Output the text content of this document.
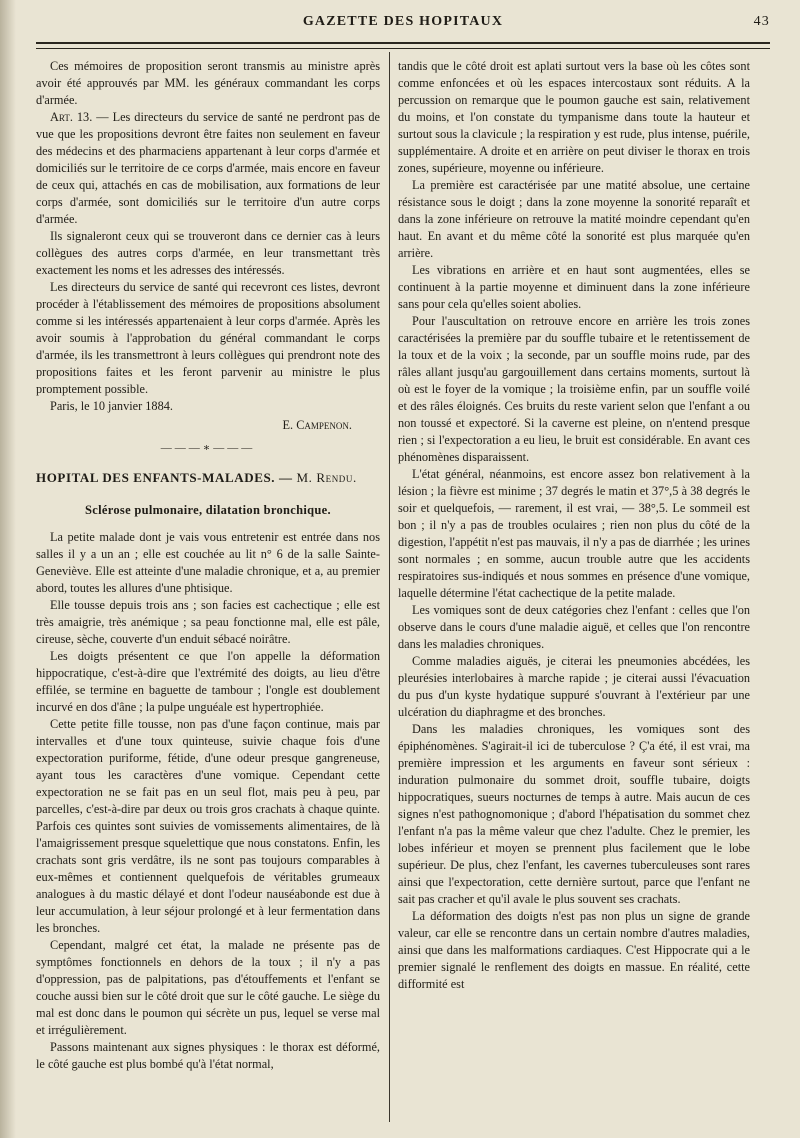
GAZETTE DES HOPITAUX	43

Ces mémoires de proposition seront transmis au ministre après avoir été approuvés par MM. les généraux commandant les corps d'armée.

Art. 13. — Les directeurs du service de santé ne perdront pas de vue que les propositions devront être faites non seulement en faveur des médecins et des pharmaciens appartenant à leur corps d'armée et domiciliés sur le territoire de ce corps d'armée, mais encore en faveur de ceux qui, attachés en cas de mobilisation, aux formations de leur corps d'armée, sont domiciliés sur le territoire d'un autre corps d'armée.

Ils signaleront ceux qui se trouveront dans ce dernier cas à leurs collègues des autres corps d'armée, en leur transmettant très exactement les noms et les adresses des intéressés.

Les directeurs du service de santé qui recevront ces listes, devront procéder à l'établissement des mémoires de propositions absolument comme si les intéressés appartenaient à leur corps d'armée. Après les avoir soumis à l'approbation du général commandant le corps d'armée, ils les transmettront à leurs collègues qui prendront note des propositions faites et les feront parvenir au ministre le plus promptement possible.

Paris, le 10 janvier 1884.

E. Campenon.
———∗———

HOPITAL DES ENFANTS-MALADES. — M. Rendu.

Sclérose pulmonaire, dilatation bronchique.

La petite malade dont je vais vous entretenir est entrée dans nos salles il y a un an ; elle est couchée au lit n° 6 de la salle Sainte-Geneviève. Elle est atteinte d'une maladie chronique, et a, au premier abord, toutes les allures d'une phtisique.

Elle tousse depuis trois ans ; son facies est cachectique ; elle est très amaigrie, très anémique ; sa peau fonctionne mal, elle est pâle, cireuse, sèche, couverte d'un enduit sébacé noirâtre.

Les doigts présentent ce que l'on appelle la déformation hippocratique, c'est-à-dire que l'extrémité des doigts, au lieu d'être effilée, se termine en baguette de tambour ; l'ongle est doublement incurvé en dos d'âne ; la pulpe unguéale est hypertrophiée.

Cette petite fille tousse, non pas d'une façon continue, mais par intervalles et d'une toux quinteuse, suivie chaque fois d'une expectoration puriforme, fétide, d'une odeur presque gangreneuse, ayant tous les caractères d'une vomique. Cependant cette expectoration ne se fait pas en un seul flot, mais peu à peu, par parcelles, c'est-à-dire par deux ou trois gros crachats à chaque quinte. Parfois ces quintes sont suivies de vomissements alimentaires, de là l'amaigrissement presque squelettique que nous constatons. Enfin, les crachats sont gris verdâtre, ils ne sont pas toujours comparables à eux-mêmes et contiennent quelquefois de véritables grumeaux analogues à du mastic délayé et dont l'odeur nauséabonde est due à leur accumulation, à leur séjour prolongé et à leur fermentation dans les bronches.

Cependant, malgré cet état, la malade ne présente pas de symptômes fonctionnels en dehors de la toux ; il n'y a pas d'oppression, pas de palpitations, pas d'étouffements et l'enfant se couche aussi bien sur le côté droit que sur le côté gauche. Le siège du mal est donc dans le poumon qui sécrète un pus, lequel se verse mal et irrégulièrement.

Passons maintenant aux signes physiques : le thorax est déformé, le côté gauche est plus bombé qu'à l'état normal,

tandis que le côté droit est aplati surtout vers la base où les côtes sont comme enfoncées et où les espaces intercostaux sont réduits. A la percussion on remarque que le poumon gauche est sain, relativement du moins, et l'on constate du tympanisme dans toute la hauteur et surtout sous la clavicule ; la respiration y est rude, plus intense, puérile, supplémentaire. A droite et en arrière on peut diviser le thorax en trois zones, supérieure, moyenne ou inférieure.

La première est caractérisée par une matité absolue, une certaine résistance sous le doigt ; dans la zone moyenne la sonorité reparaît et dans la zone inférieure on retrouve la matité moindre cependant qu'en haut. En avant et du même côté la sonorité est plus marquée qu'en arrière.

Les vibrations en arrière et en haut sont augmentées, elles se continuent à la partie moyenne et diminuent dans la zone inférieure sans pour cela qu'elles soient abolies.

Pour l'auscultation on retrouve encore en arrière les trois zones caractérisées la première par du souffle tubaire et le retentissement de la toux et de la voix ; la seconde, par un souffle moins rude, par des râles allant jusqu'au gargouillement dans certains moments, surtout là où est le foyer de la vomique ; la troisième enfin, par un souffle voilé et des râles éloignés. Ces bruits du reste varient selon que l'enfant a ou non toussé et expectoré. Si la caverne est pleine, on n'entend presque rien ; si l'expectoration a eu lieu, le bruit est considérable. En avant ces phénomènes disparaissent.

L'état général, néanmoins, est encore assez bon relativement à la lésion ; la fièvre est minime ; 37 degrés le matin et 37°,5 à 38 degrés le soir et quelquefois, — rarement, il est vrai, — 38°,5. Le sommeil est bon ; il n'y a pas de troubles oculaires ; rien non plus du côté de la digestion, l'appétit n'est pas mauvais, il n'y a pas de diarrhée ; les urines sont normales ; en somme, aucun trouble autre que les accidents respiratoires sus-indiqués et nous sommes en présence d'une vomique, laquelle détermine l'état cachectique de la petite malade.

Les vomiques sont de deux catégories chez l'enfant : celles que l'on observe dans le cours d'une maladie aiguë, et celles que l'on rencontre dans les maladies chroniques.

Comme maladies aiguës, je citerai les pneumonies abcédées, les pleurésies interlobaires à marche rapide ; je citerai aussi l'évacuation du pus d'un kyste hydatique suppuré s'ouvrant à l'extérieur par une ulcération du diaphragme et des bronches.

Dans les maladies chroniques, les vomiques sont des épiphénomènes. S'agirait-il ici de tuberculose ? Ç'a été, il est vrai, ma première impression et les arguments en faveur sont sérieux : induration pulmonaire du sommet droit, souffle tubaire, doigts hippocratiques, sueurs nocturnes de temps à autre. Mais aucun de ces signes n'est pathognomonique ; d'abord l'hépatisation du sommet chez l'enfant n'a pas la même valeur que chez l'adulte. Chez le premier, les lobes inférieur et moyen se prennent plus facilement que le lobe supérieur. De plus, chez l'enfant, les cavernes tuberculeuses sont rares ainsi que l'expectoration, cette dernière surtout, parce que l'enfant ne sait pas cracher et qu'il avale le plus souvent ses crachats.

La déformation des doigts n'est pas non plus un signe de grande valeur, car elle se rencontre dans un certain nombre d'autres maladies, ainsi que dans les malformations cardiaques. C'est Hippocrate qui a le premier signalé le renflement des doigts en massue. En réalité, cette difformité est
